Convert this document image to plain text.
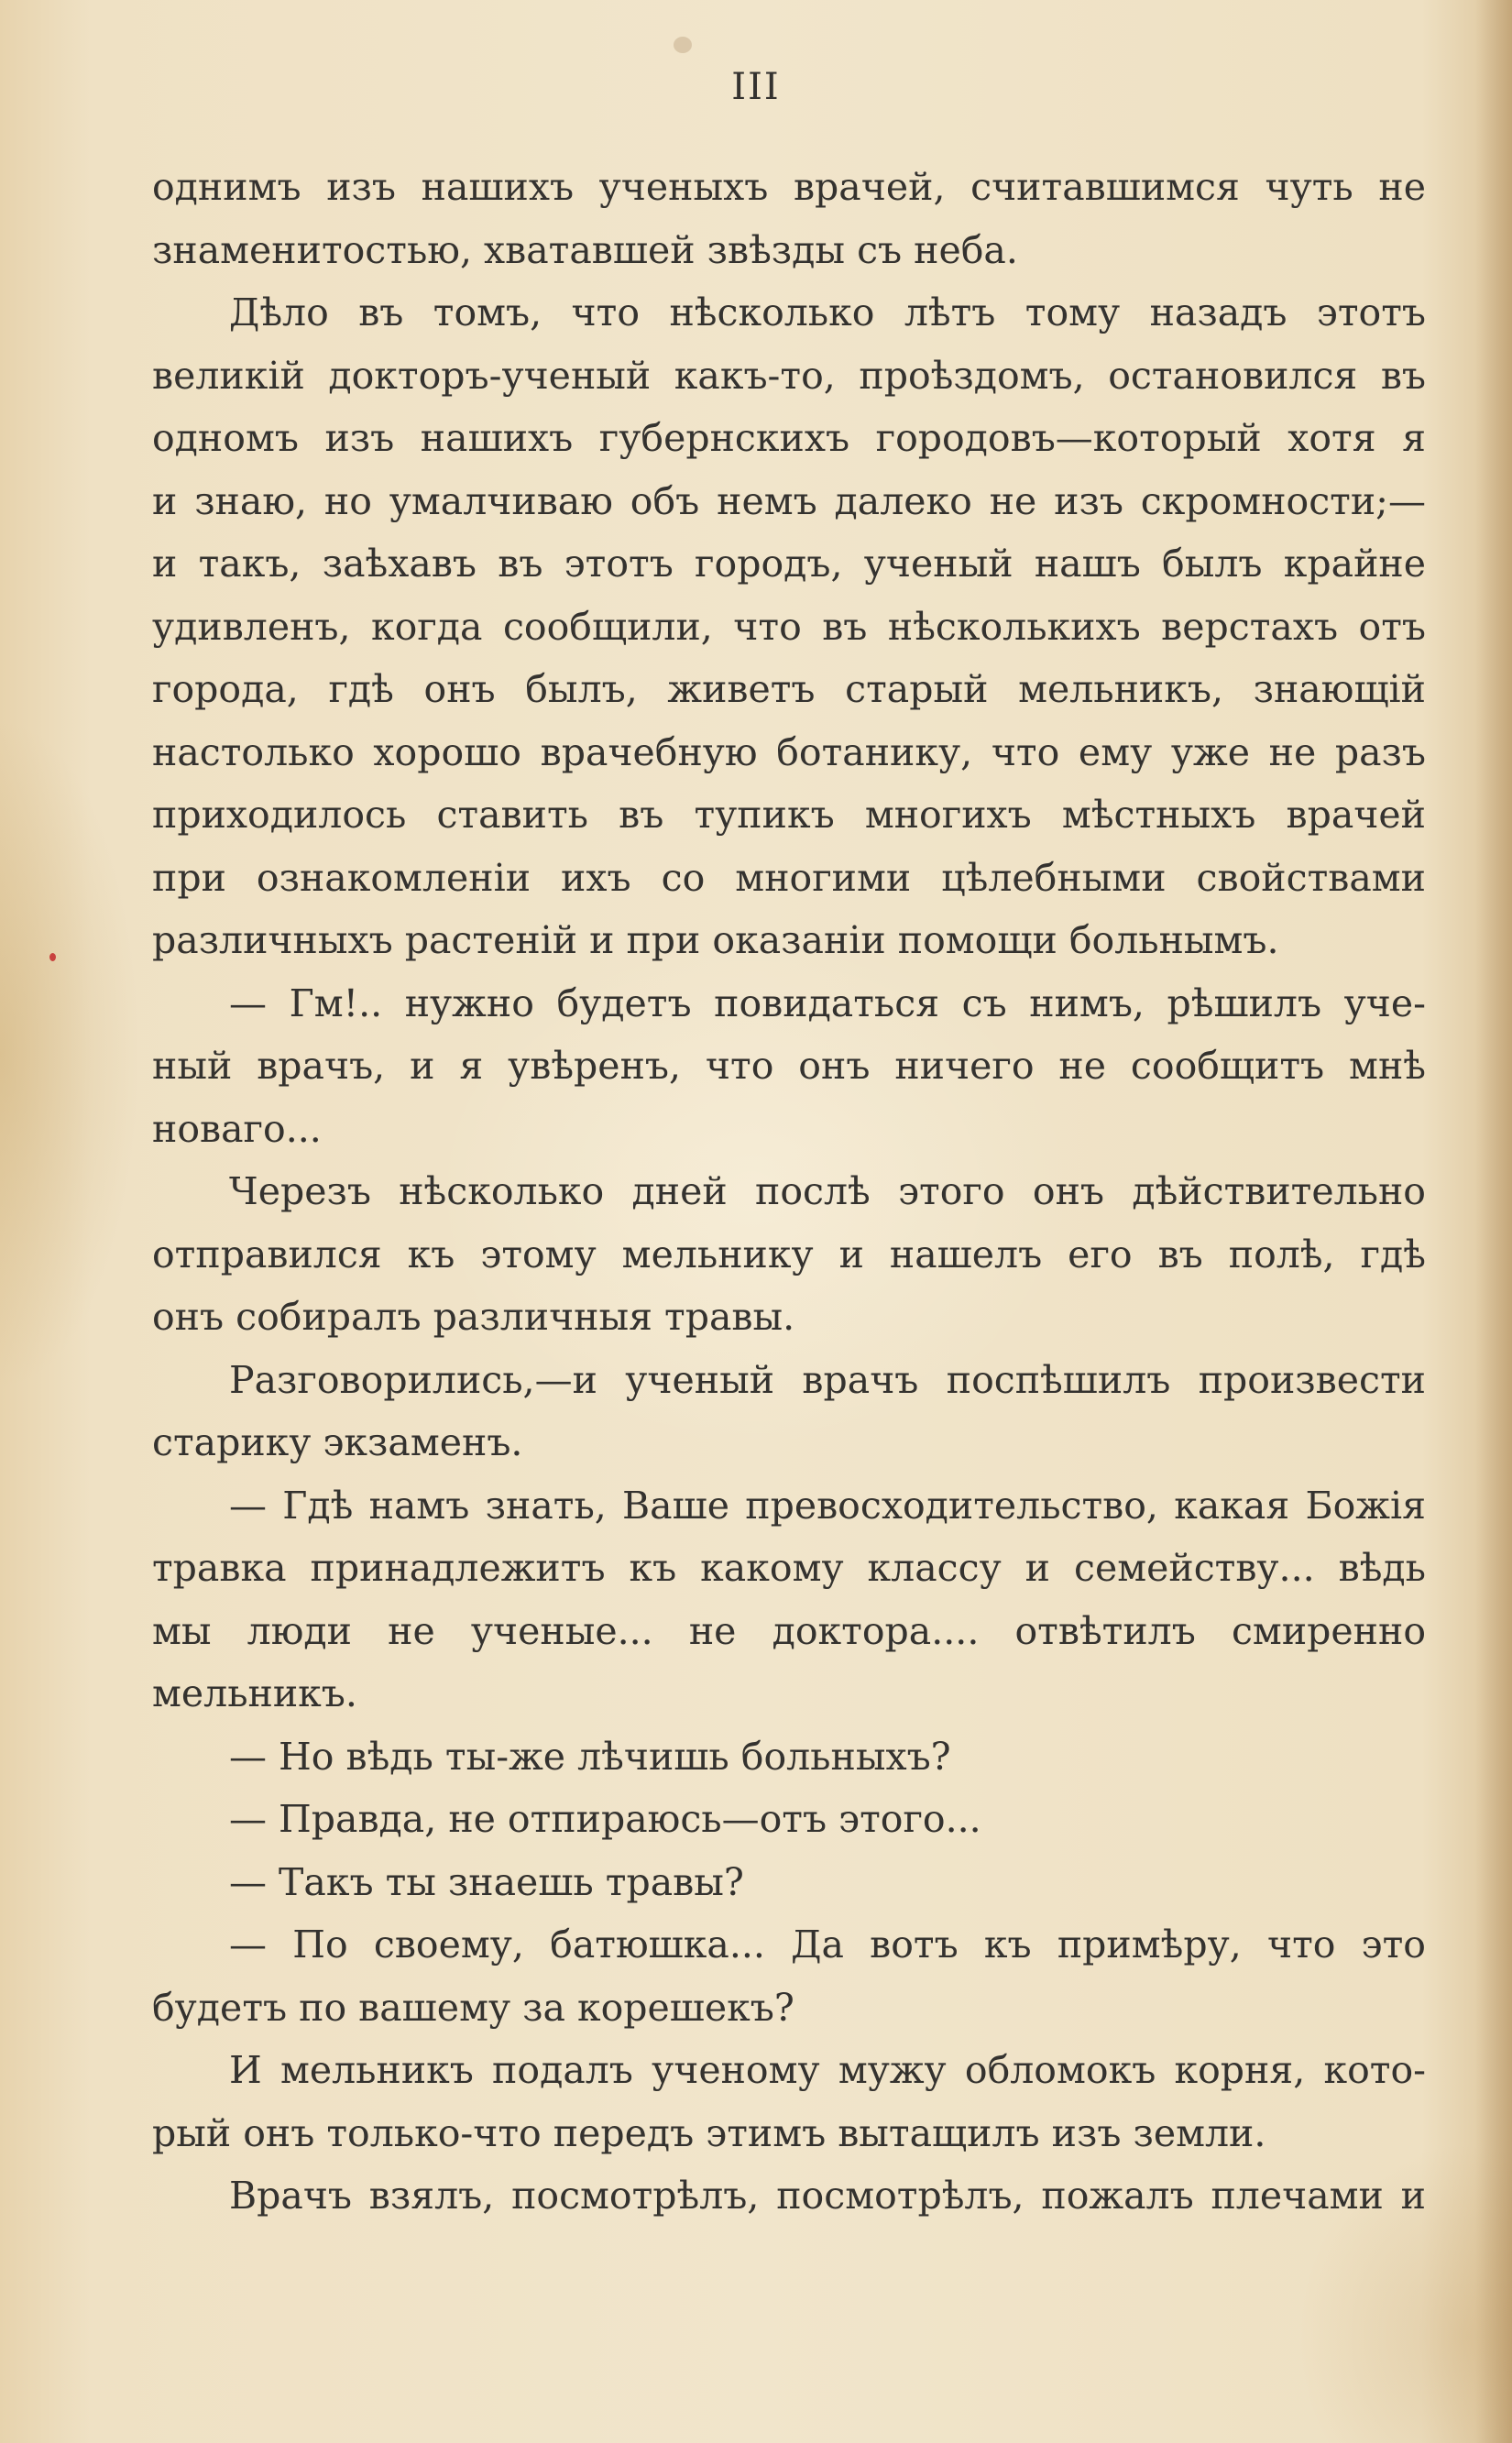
III
однимъ изъ нашихъ ученыхъ врачей, считавшимся чуть не
знаменитостью, хватавшей звѣзды съ неба.
Дѣло въ томъ, что нѣсколько лѣтъ тому назадъ этотъ
великій докторъ-ученый какъ-то, проѣздомъ, остановился въ
одномъ изъ нашихъ губернскихъ городовъ—который хотя я
и знаю, но умалчиваю объ немъ далеко не изъ скромности;—
и такъ, заѣхавъ въ этотъ городъ, ученый нашъ былъ крайне
удивленъ, когда сообщили, что въ нѣсколькихъ верстахъ отъ
города, гдѣ онъ былъ, живетъ старый мельникъ, знающій
настолько хорошо врачебную ботанику, что ему уже не разъ
приходилось ставить въ тупикъ многихъ мѣстныхъ врачей
при ознакомленіи ихъ со многими цѣлебными свойствами
различныхъ растеній и при оказаніи помощи больнымъ.
— Гм!.. нужно будетъ повидаться съ нимъ, рѣшилъ уче-
ный врачъ, и я увѣренъ, что онъ ничего не сообщитъ мнѣ
новаго...
Черезъ нѣсколько дней послѣ этого онъ дѣйствительно
отправился къ этому мельнику и нашелъ его въ полѣ, гдѣ
онъ собиралъ различныя травы.
Разговорились,—и ученый врачъ поспѣшилъ произвести
старику экзаменъ.
— Гдѣ намъ знать, Ваше превосходительство, какая Божія
травка принадлежитъ къ какому классу и семейству... вѣдь
мы люди не ученые... не доктора.... отвѣтилъ смиренно
мельникъ.
— Но вѣдь ты-же лѣчишь больныхъ?
— Правда, не отпираюсь—отъ этого...
— Такъ ты знаешь травы?
— По своему, батюшка... Да вотъ къ примѣру, что это
будетъ по вашему за корешекъ?
И мельникъ подалъ ученому мужу обломокъ корня, кото-
рый онъ только-что передъ этимъ вытащилъ изъ земли.
Врачъ взялъ, посмотрѣлъ, посмотрѣлъ, пожалъ плечами и
